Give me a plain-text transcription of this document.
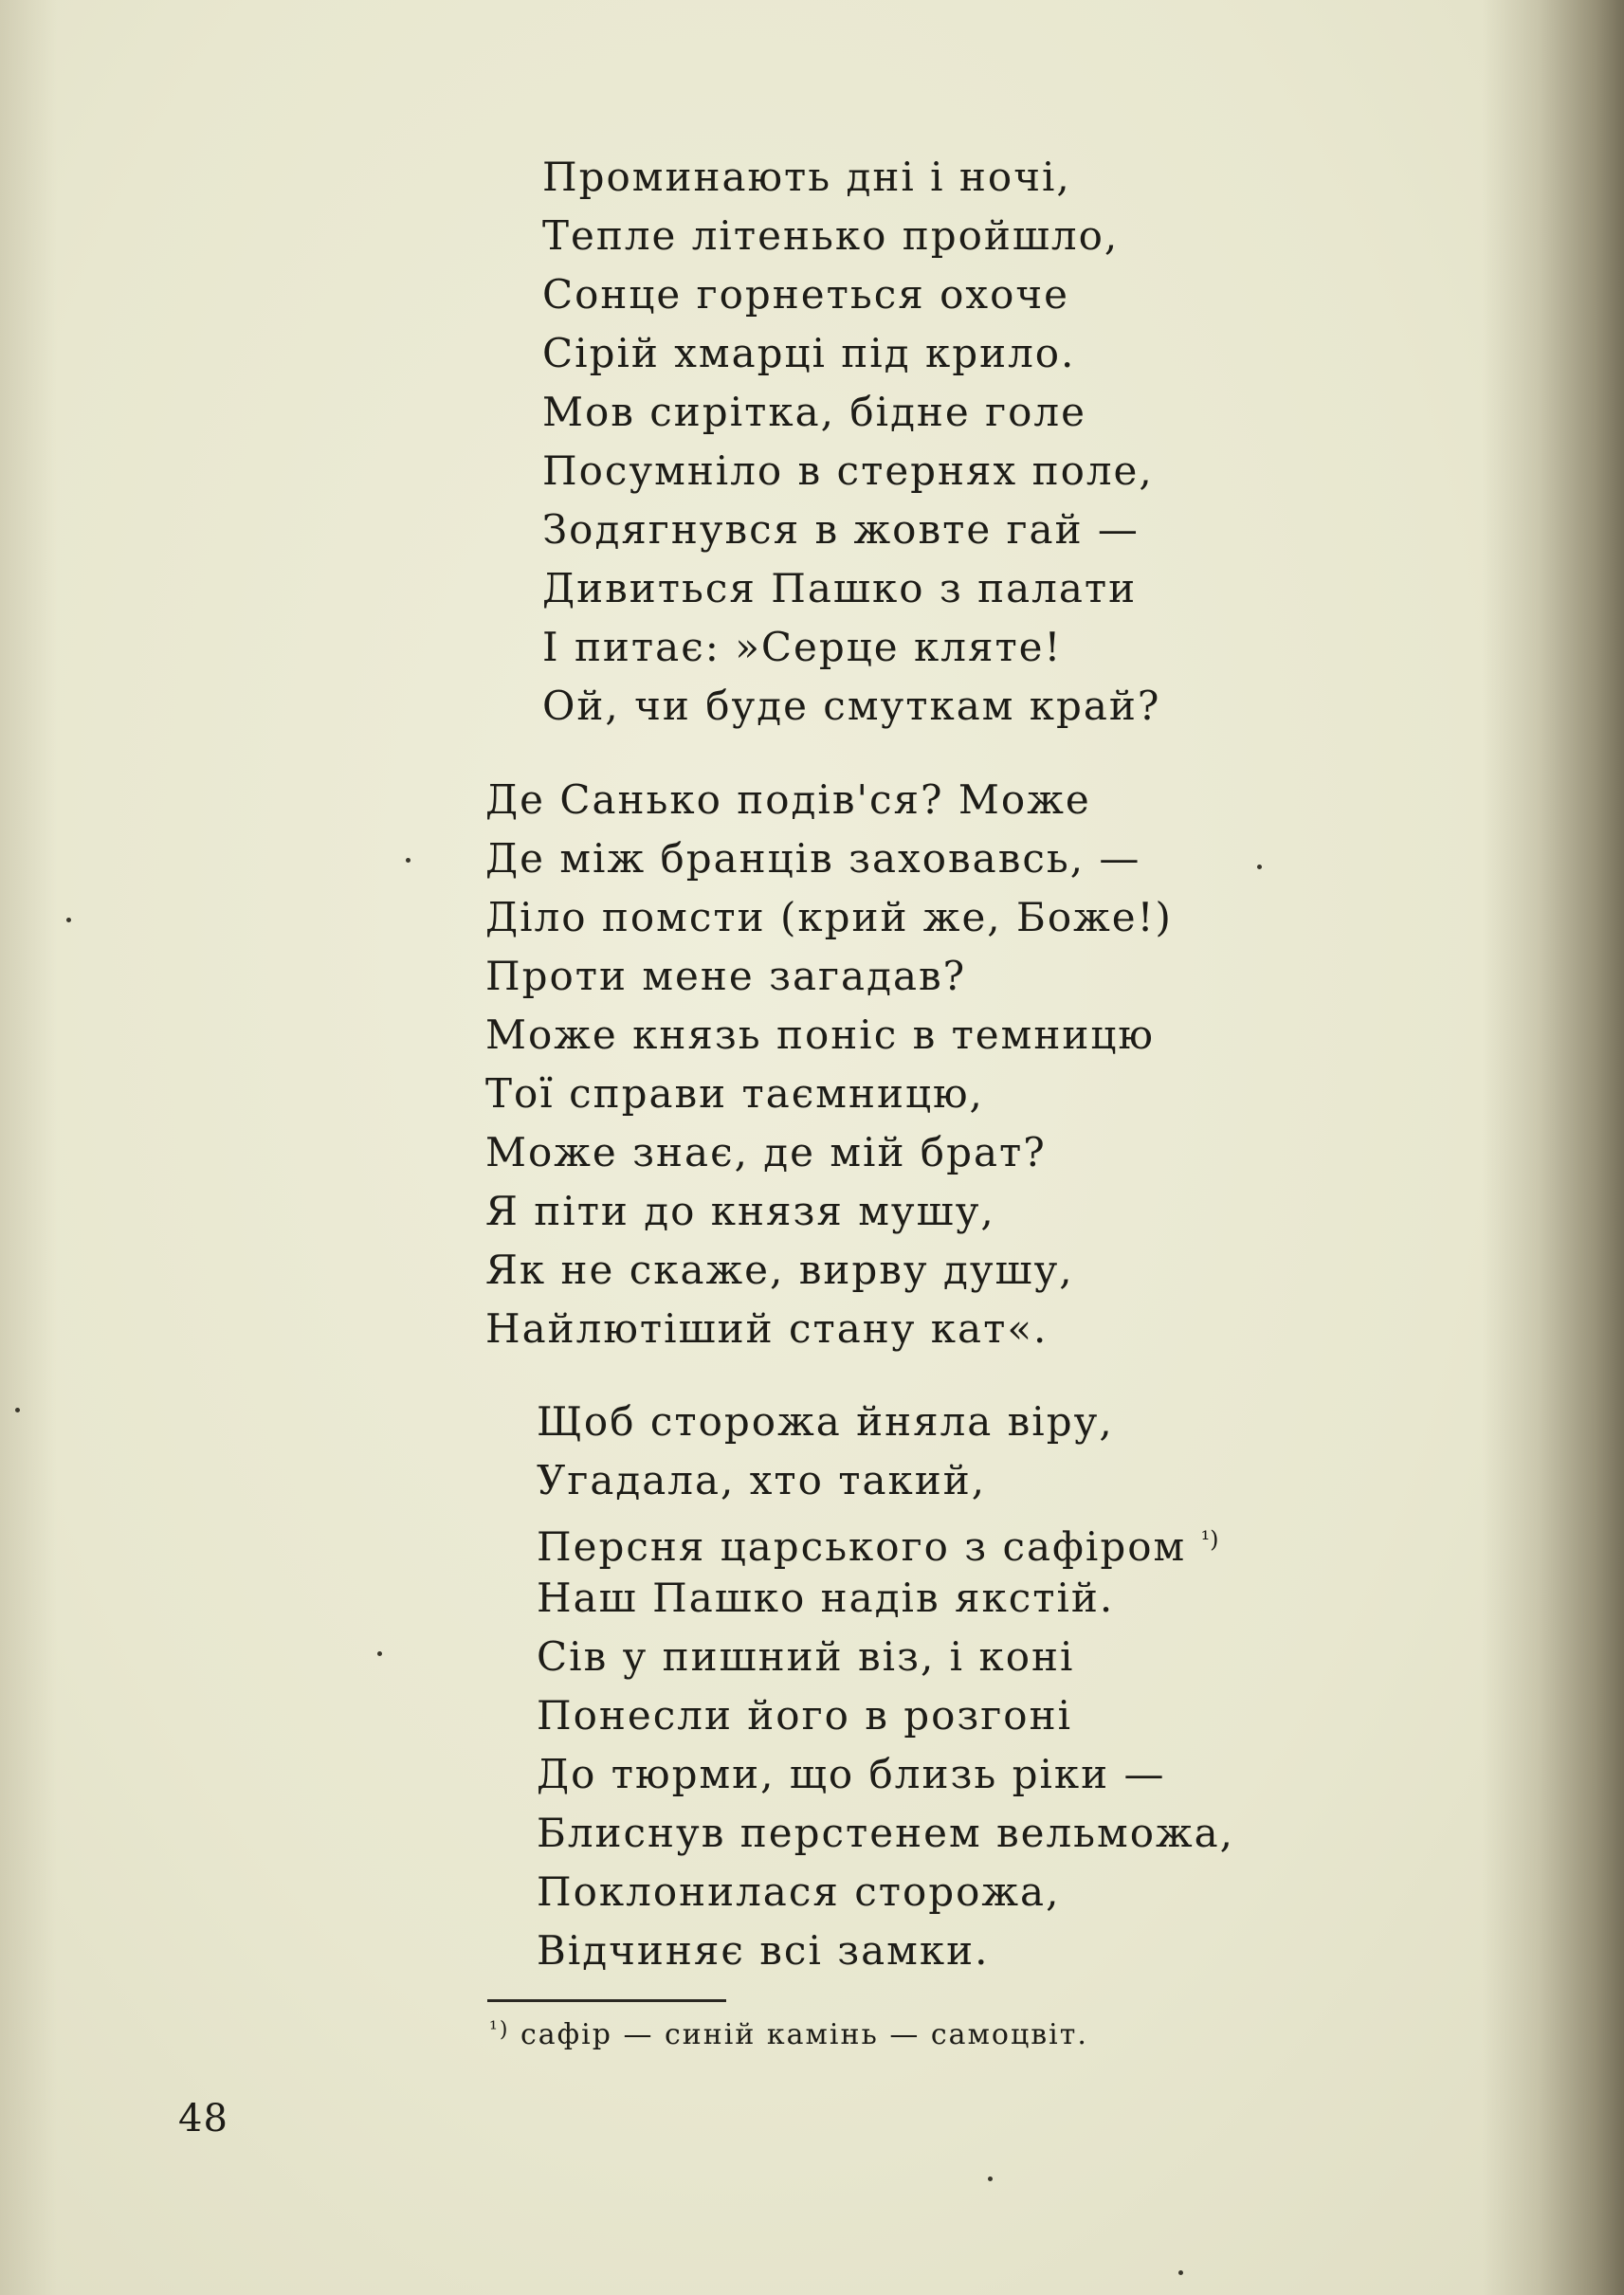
Проминають дні і ночі,
Тепле літенько пройшло,
Сонце горнеться охоче
Сірій хмарці під крило.
Мов сирітка, бідне голе
Посумніло в стернях поле,
Зодягнувся в жовте гай —
Дивиться Пашко з палати
І питає: »Серце кляте!
Ой, чи буде смуткам край?
Де Санько подів'ся? Може
Де між бранців заховавсь, —
Діло помсти (крий же, Боже!)
Проти мене загадав?
Може князь поніс в темницю
Тої справи таємницю,
Може знає, де мій брат?
Я піти до князя мушу,
Як не скаже, вирву душу,
Найлютіший стану кат«.
Щоб сторожа йняла віру,
Угадала, хто такий,
Персня царського з сафіром $^{^1)}$
Наш Пашко надів якстій.
Сів у пишний віз, і коні
Понесли його в розгоні
До тюрми, що близь ріки —
Блиснув перстенем вельможа,
Поклонилася сторожа,
Відчиняє всі замки.
$^{^1)}$ сафір — синій камінь — самоцвіт.
48
